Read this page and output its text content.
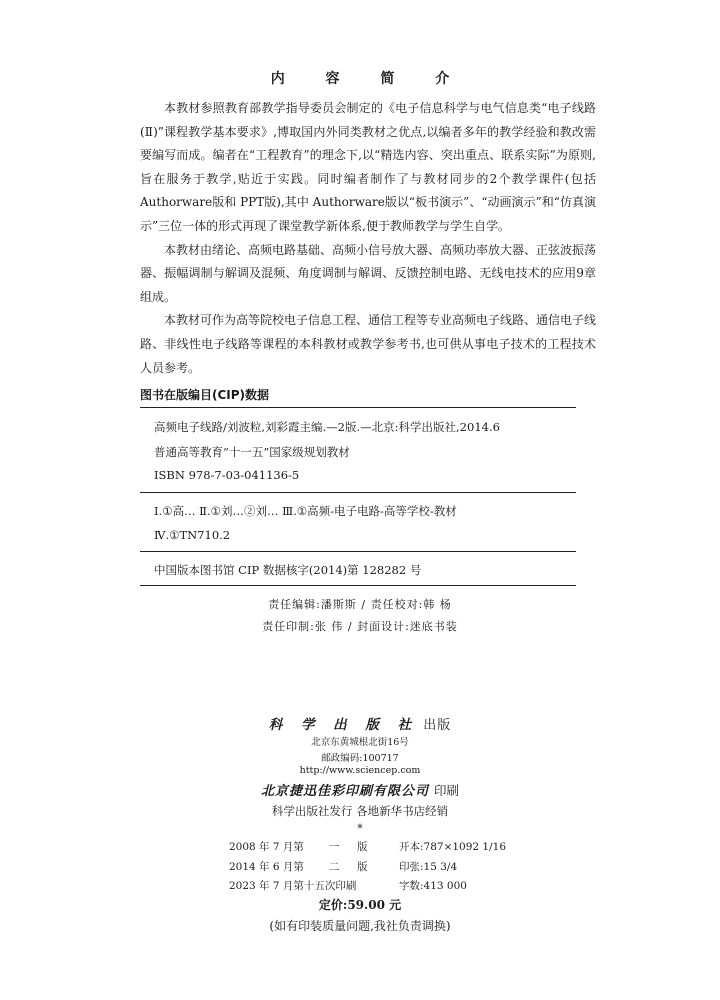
内 容 简 介

本教材参照教育部教学指导委员会制定的《电子信息科学与电气信息类“电子线路(Ⅱ)”课程教学基本要求》,博取国内外同类教材之优点,以编者多年的教学经验和教改需要编写而成。编者在“工程教育”的理念下,以“精选内容、突出重点、联系实际”为原则,旨在服务于教学,贴近于实践。同时编者制作了与教材同步的2个教学课件(包括 Authorware版和 PPT版),其中 Authorware版以“板书演示”、“动画演示”和“仿真演示”三位一体的形式再现了课堂教学新体系,便于教师教学与学生自学。

本教材由绪论、高频电路基础、高频小信号放大器、高频功率放大器、正弦波振荡器、振幅调制与解调及混频、角度调制与解调、反馈控制电路、无线电技术的应用9章组成。

本教材可作为高等院校电子信息工程、通信工程等专业高频电子线路、通信电子线路、非线性电子线路等课程的本科教材或教学参考书,也可供从事电子技术的工程技术人员参考。

图书在版编目(CIP)数据
高频电子线路/刘波粒,刘彩霞主编.—2版.—北京:科学出版社,2014.6
普通高等教育“十一五”国家级规划教材
ISBN 978-7-03-041136-5
Ⅰ.①高… Ⅱ.①刘…②刘… Ⅲ.①高频-电子电路-高等学校-教材
Ⅳ.①TN710.2
中国版本图书馆 CIP 数据核字(2014)第 128282 号
责任编辑:潘斯斯 / 责任校对:韩 杨
责任印制:张 伟 / 封面设计:迷底书装
科 学 出 版 社 出版
北京东黄城根北街16号
邮政编码:100717
http://www.sciencep.com
北京捷迅佳彩印刷有限公司 印刷
科学出版社发行 各地新华书店经销
*
2008 年 7 月第 一 版	开本:787×1092 1/16
2014 年 6 月第 二 版	印张:15 3/4
2023 年 7 月第十五次印刷	字数:413 000
定价:59.00 元
(如有印装质量问题,我社负责调换)
